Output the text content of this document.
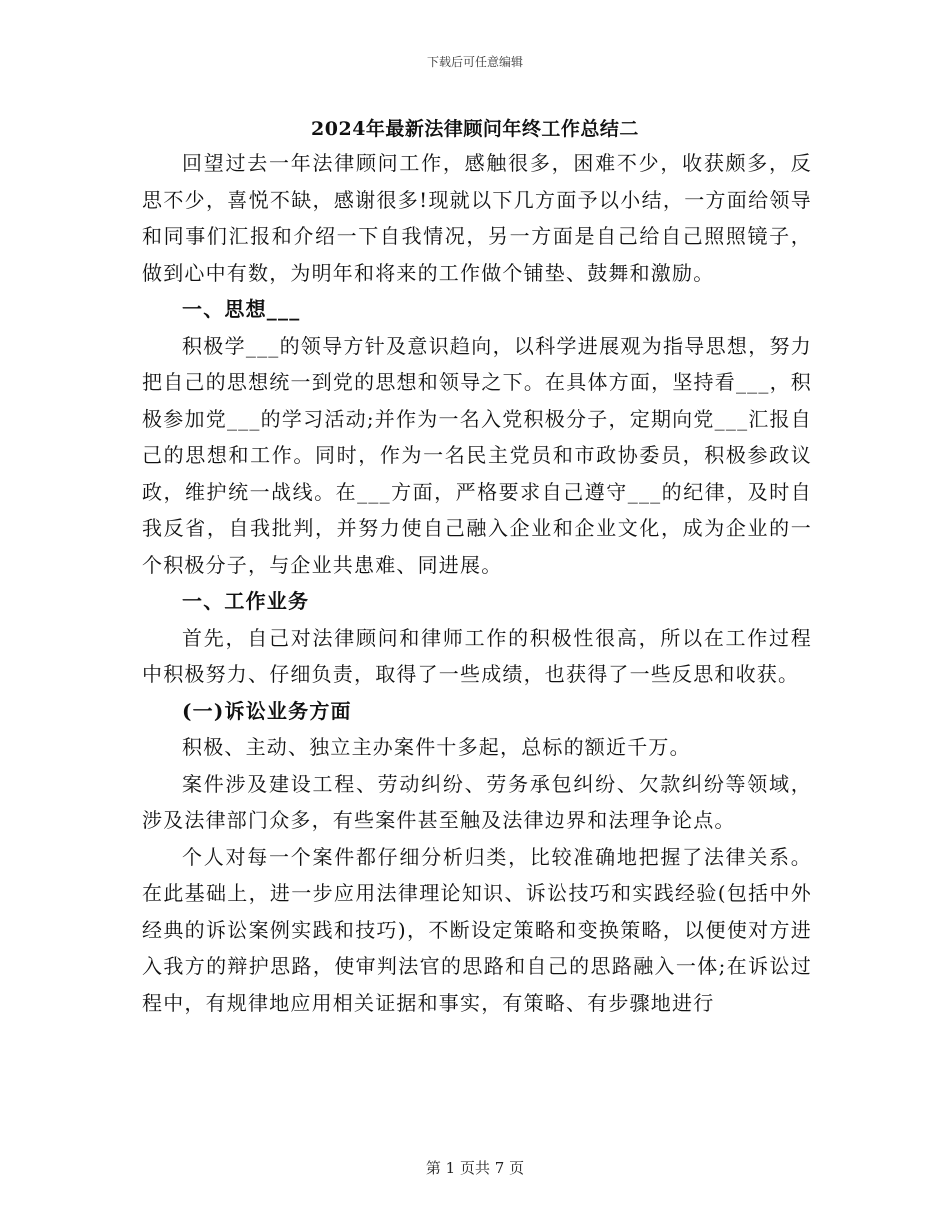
下载后可任意编辑
2024年最新法律顾问年终工作总结二

回望过去一年法律顾问工作，感触很多，困难不少，收获颇多，反思不少，喜悦不缺，感谢很多!现就以下几方面予以小结，一方面给领导和同事们汇报和介绍一下自我情况，另一方面是自己给自己照照镜子，做到心中有数，为明年和将来的工作做个铺垫、鼓舞和激励。

一、思想___

积极学___的领导方针及意识趋向，以科学进展观为指导思想，努力把自己的思想统一到党的思想和领导之下。在具体方面，坚持看___，积极参加党___的学习活动;并作为一名入党积极分子，定期向党___汇报自己的思想和工作。同时，作为一名民主党员和市政协委员，积极参政议政，维护统一战线。在___方面，严格要求自己遵守___的纪律，及时自我反省，自我批判，并努力使自己融入企业和企业文化，成为企业的一个积极分子，与企业共患难、同进展。

一、工作业务

首先，自己对法律顾问和律师工作的积极性很高，所以在工作过程中积极努力、仔细负责，取得了一些成绩，也获得了一些反思和收获。

(一)诉讼业务方面

积极、主动、独立主办案件十多起，总标的额近千万。

案件涉及建设工程、劳动纠纷、劳务承包纠纷、欠款纠纷等领域，涉及法律部门众多，有些案件甚至触及法律边界和法理争论点。

个人对每一个案件都仔细分析归类，比较准确地把握了法律关系。在此基础上，进一步应用法律理论知识、诉讼技巧和实践经验(包括中外经典的诉讼案例实践和技巧)，不断设定策略和变换策略，以便使对方进入我方的辩护思路，使审判法官的思路和自己的思路融入一体;在诉讼过程中，有规律地应用相关证据和事实，有策略、有步骤地进行

第 1 页共 7 页
